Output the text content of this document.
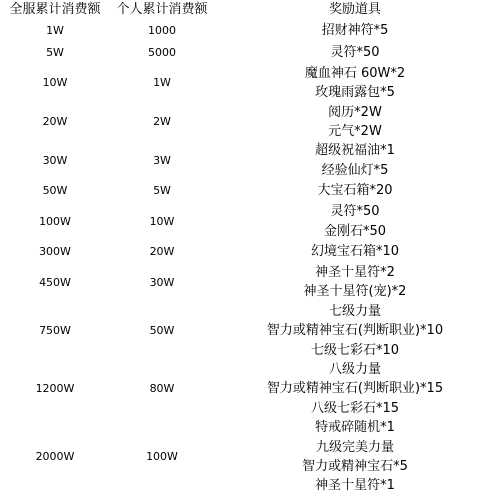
全服累计消费额	个人累计消费额	奖励道具
1W	1000	招财神符*5
5W	5000	灵符*50
10W	1W
魔血神石 60W*2
玫瑰雨露包*5
20W	2W
阅历*2W
元气*2W
30W	3W
超级祝福油*1
经验仙灯*5
50W	5W	大宝石箱*20
100W	10W
灵符*50
金刚石*50
300W	20W	幻境宝石箱*10
450W	30W
神圣十星符*2
神圣十星符(宠)*2
750W	50W
七级力量
智力或精神宝石(判断职业)*10
七级七彩石*10
1200W	80W
八级力量
智力或精神宝石(判断职业)*15
八级七彩石*15
2000W	100W
特戒碎随机*1
九级完美力量
智力或精神宝石*5
神圣十星符*1
